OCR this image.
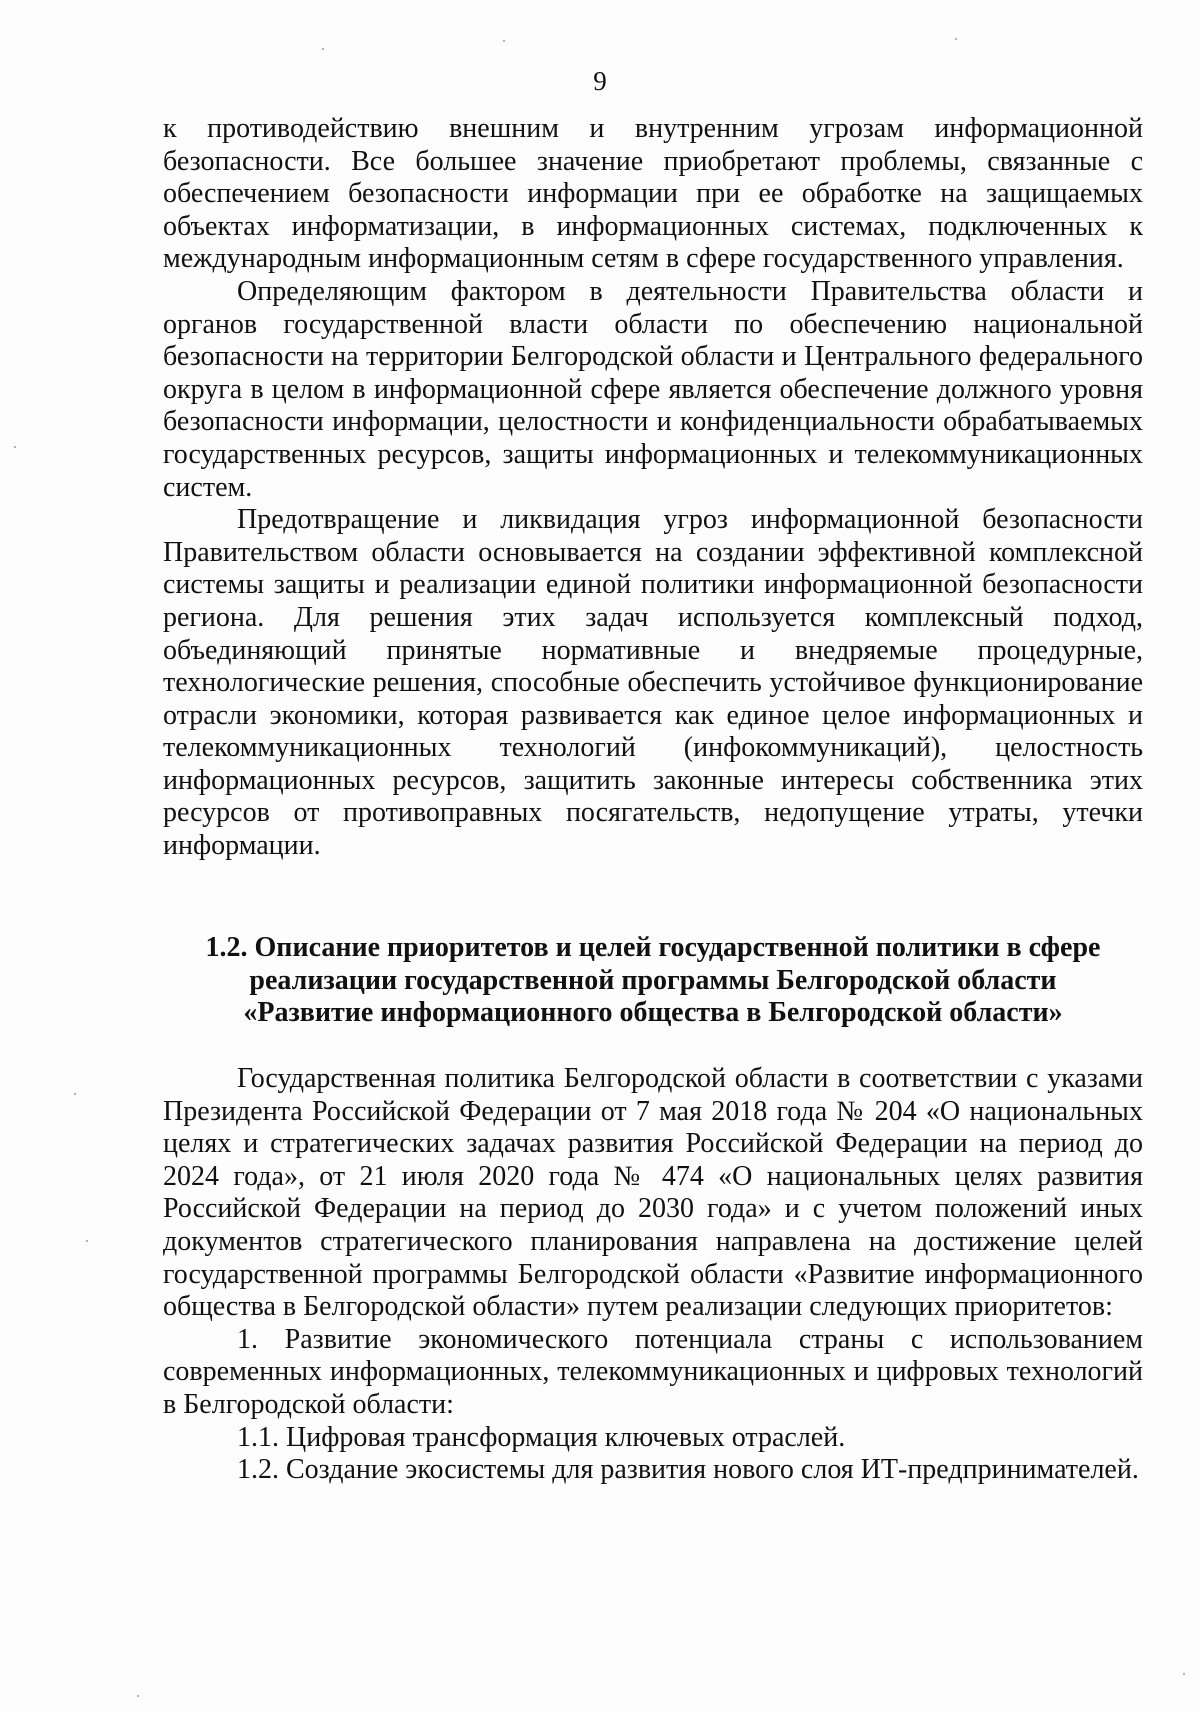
9

к противодействию внешним и внутренним угрозам информационной безопасности. Все большее значение приобретают проблемы, связанные с обеспечением безопасности информации при ее обработке на защищаемых объектах информатизации, в информационных системах, подключенных к международным информационным сетям в сфере государственного управления.

Определяющим фактором в деятельности Правительства области и органов государственной власти области по обеспечению национальной безопасности на территории Белгородской области и Центрального федерального округа в целом в информационной сфере является обеспечение должного уровня безопасности информации, целостности и конфиденциальности обрабатываемых государственных ресурсов, защиты информационных и телекоммуникационных систем.

Предотвращение и ликвидация угроз информационной безопасности Правительством области основывается на создании эффективной комплексной системы защиты и реализации единой политики информационной безопасности региона. Для решения этих задач используется комплексный подход, объединяющий принятые нормативные и внедряемые процедурные, технологические решения, способные обеспечить устойчивое функционирование отрасли экономики, которая развивается как единое целое информационных и телекоммуникационных технологий (инфокоммуникаций), целостность информационных ресурсов, защитить законные интересы собственника этих ресурсов от противоправных посягательств, недопущение утраты, утечки информации.

1.2. Описание приоритетов и целей государственной политики в сфере
реализации государственной программы Белгородской области
«Развитие информационного общества в Белгородской области»

Государственная политика Белгородской области в соответствии с указами Президента Российской Федерации от 7 мая 2018 года № 204 «О национальных целях и стратегических задачах развития Российской Федерации на период до 2024 года», от 21 июля 2020 года № 474 «О национальных целях развития Российской Федерации на период до 2030 года» и с учетом положений иных документов стратегического планирования направлена на достижение целей государственной программы Белгородской области «Развитие информационного общества в Белгородской области» путем реализации следующих приоритетов:

1. Развитие экономического потенциала страны с использованием современных информационных, телекоммуникационных и цифровых технологий в Белгородской области:

1.1. Цифровая трансформация ключевых отраслей.

1.2. Создание экосистемы для развития нового слоя ИТ-предпринимателей.
